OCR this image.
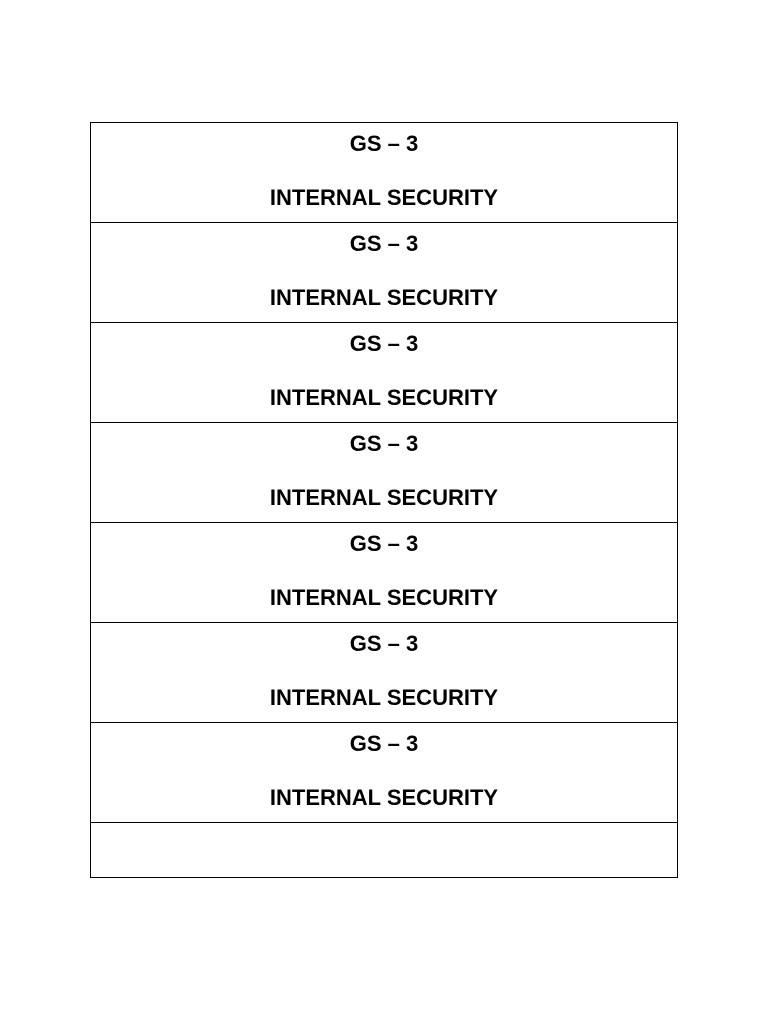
GS – 3
INTERNAL SECURITY

GS – 3
INTERNAL SECURITY

GS – 3
INTERNAL SECURITY

GS – 3
INTERNAL SECURITY

GS – 3
INTERNAL SECURITY

GS – 3
INTERNAL SECURITY

GS – 3
INTERNAL SECURITY
